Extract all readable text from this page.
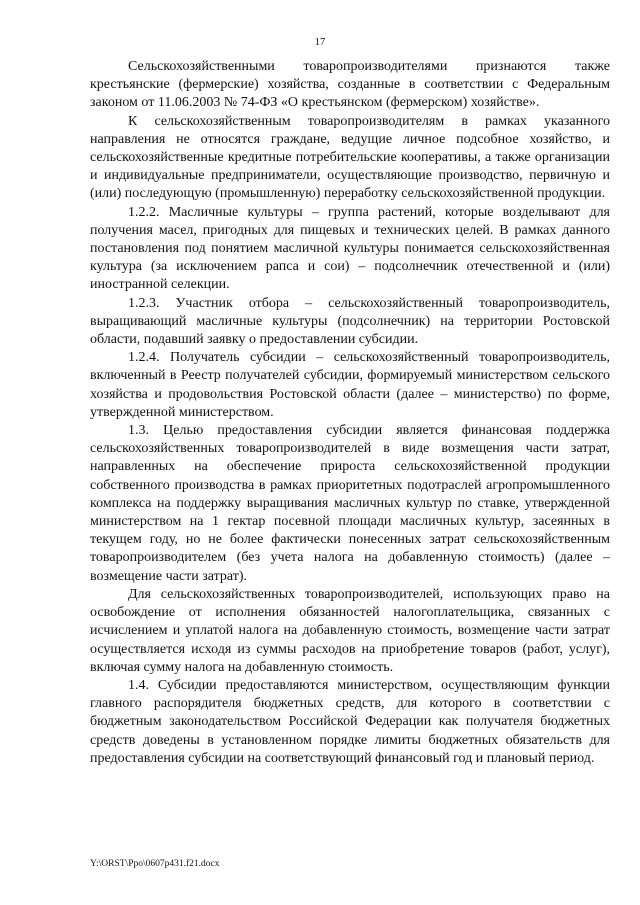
17

Сельскохозяйственными товаропроизводителями признаются также крестьянские (фермерские) хозяйства, созданные в соответствии с Федеральным законом от 11.06.2003 № 74-ФЗ «О крестьянском (фермерском) хозяйстве».

К сельскохозяйственным товаропроизводителям в рамках указанного направления не относятся граждане, ведущие личное подсобное хозяйство, и сельскохозяйственные кредитные потребительские кооперативы, а также организации и индивидуальные предприниматели, осуществляющие производство, первичную и (или) последующую (промышленную) переработку сельскохозяйственной продукции.

1.2.2. Масличные культуры – группа растений, которые возделывают для получения масел, пригодных для пищевых и технических целей. В рамках данного постановления под понятием масличной культуры понимается сельскохозяйственная культура (за исключением рапса и сои) – подсолнечник отечественной и (или) иностранной селекции.

1.2.3. Участник отбора – сельскохозяйственный товаропроизводитель, выращивающий масличные культуры (подсолнечник) на территории Ростовской области, подавший заявку о предоставлении субсидии.

1.2.4. Получатель субсидии – сельскохозяйственный товаропроизводитель, включенный в Реестр получателей субсидии, формируемый министерством сельского хозяйства и продовольствия Ростовской области (далее – министерство) по форме, утвержденной министерством.

1.3. Целью предоставления субсидии является финансовая поддержка сельскохозяйственных товаропроизводителей в виде возмещения части затрат, направленных на обеспечение прироста сельскохозяйственной продукции собственного производства в рамках приоритетных подотраслей агропромышленного комплекса на поддержку выращивания масличных культур по ставке, утвержденной министерством на 1 гектар посевной площади масличных культур, засеянных в текущем году, но не более фактически понесенных затрат сельскохозяйственным товаропроизводителем (без учета налога на добавленную стоимость) (далее – возмещение части затрат).

Для сельскохозяйственных товаропроизводителей, использующих право на освобождение от исполнения обязанностей налогоплательщика, связанных с исчислением и уплатой налога на добавленную стоимость, возмещение части затрат осуществляется исходя из суммы расходов на приобретение товаров (работ, услуг), включая сумму налога на добавленную стоимость.

1.4. Субсидии предоставляются министерством, осуществляющим функции главного распорядителя бюджетных средств, для которого в соответствии с бюджетным законодательством Российской Федерации как получателя бюджетных средств доведены в установленном порядке лимиты бюджетных обязательств для предоставления субсидии на соответствующий финансовый год и плановый период.

Y:\ORST\Ppo\0607p431.f21.docx
